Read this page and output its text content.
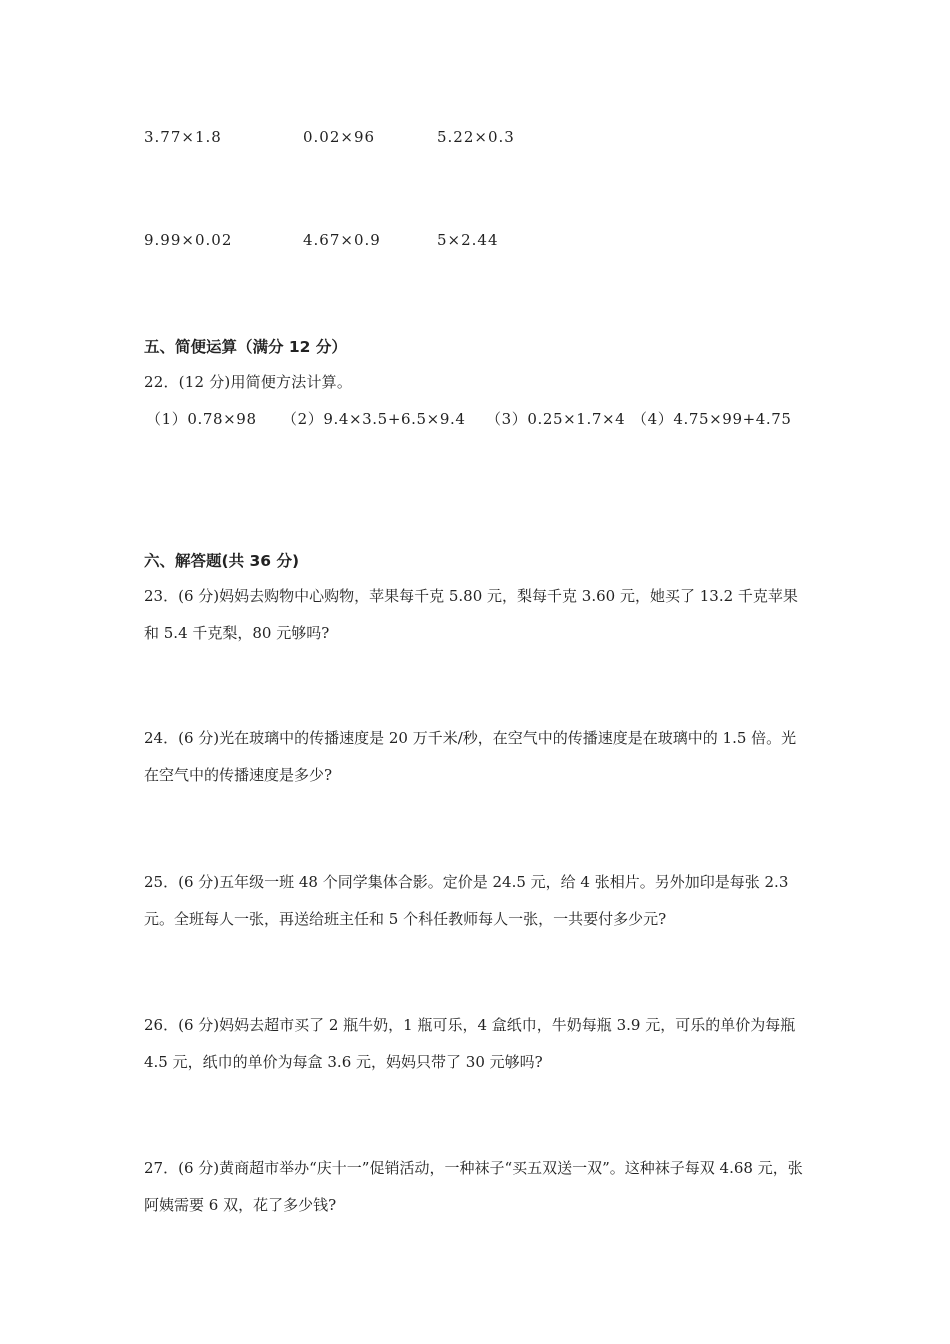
3.77×1.8	0.02×96	5.22×0.3
9.99×0.02	4.67×0.9	5×2.44
五、简便运算（满分 12 分）
22．(12 分)用简便方法计算。
（1）0.78×98 （2）9.4×3.5+6.5×9.4 （3）0.25×1.7×4 （4）4.75×99+4.75
六、解答题(共 36 分)
23．(6 分)妈妈去购物中心购物，苹果每千克 5.80 元，梨每千克 3.60 元，她买了 13.2 千克苹果和 5.4 千克梨，80 元够吗?
24．(6 分)光在玻璃中的传播速度是 20 万千米/秒，在空气中的传播速度是在玻璃中的 1.5 倍。光在空气中的传播速度是多少?
25．(6 分)五年级一班 48 个同学集体合影。定价是 24.5 元，给 4 张相片。另外加印是每张 2.3 元。全班每人一张，再送给班主任和 5 个科任教师每人一张，一共要付多少元?
26．(6 分)妈妈去超市买了 2 瓶牛奶，1 瓶可乐，4 盒纸巾，牛奶每瓶 3.9 元，可乐的单价为每瓶 4.5 元，纸巾的单价为每盒 3.6 元，妈妈只带了 30 元够吗?
27．(6 分)黄商超市举办“庆十一”促销活动，一种袜子“买五双送一双”。这种袜子每双 4.68 元，张阿姨需要 6 双，花了多少钱?
